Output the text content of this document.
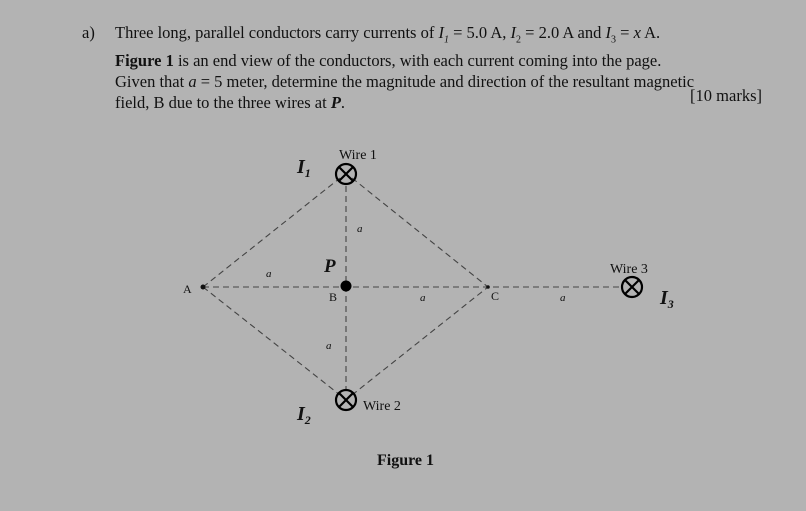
a) Three long, parallel conductors carry currents of $I_1 = 5.0$ A, $I_2 = 2.0$ A and $I_3 = x$ A.
Figure 1 is an end view of the conductors, with each current coming into the page.
Given that a = 5 meter, determine the magnitude and direction of the resultant magnetic
field, B due to the three wires at P.	[10 marks]
Wire 1
Wire 2
Wire 3
$I_1$
$I_2$
$I_3$
P
A
B	C
a
a
a
a	a
Figure 1
